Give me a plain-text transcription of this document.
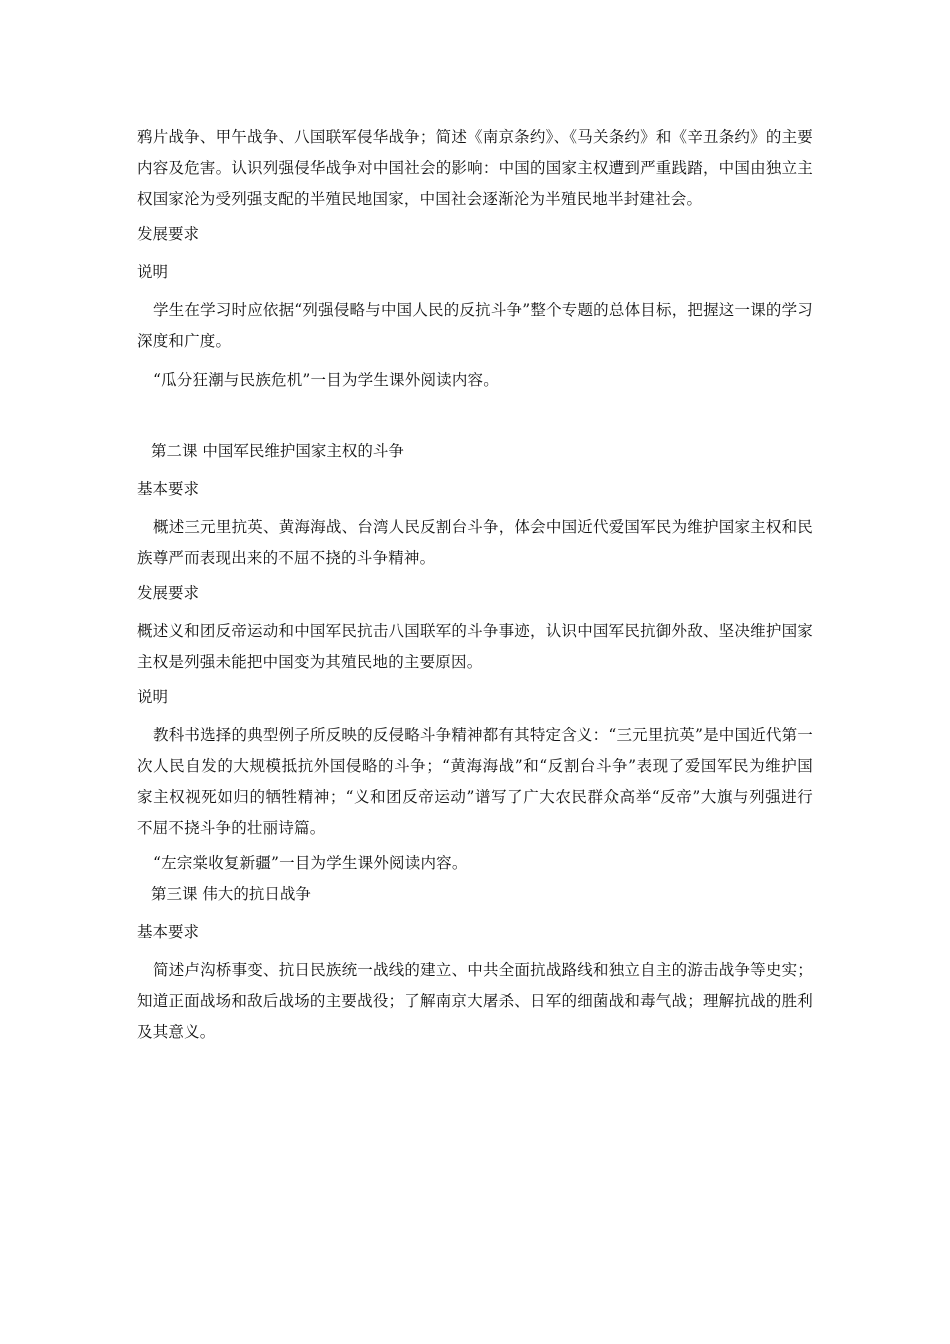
鸦片战争、甲午战争、八国联军侵华战争；简述《南京条约》、《马关条约》和《辛丑条约》的主要内容及危害。认识列强侵华战争对中国社会的影响：中国的国家主权遭到严重践踏，中国由独立主权国家沦为受列强支配的半殖民地国家，中国社会逐渐沦为半殖民地半封建社会。

发展要求

说明

学生在学习时应依据“列强侵略与中国人民的反抗斗争”整个专题的总体目标，把握这一课的学习深度和广度。

“瓜分狂潮与民族危机”一目为学生课外阅读内容。

第二课 中国军民维护国家主权的斗争

基本要求

概述三元里抗英、黄海海战、台湾人民反割台斗争，体会中国近代爱国军民为维护国家主权和民族尊严而表现出来的不屈不挠的斗争精神。

发展要求

概述义和团反帝运动和中国军民抗击八国联军的斗争事迹，认识中国军民抗御外敌、坚决维护国家主权是列强未能把中国变为其殖民地的主要原因。

说明

教科书选择的典型例子所反映的反侵略斗争精神都有其特定含义：“三元里抗英”是中国近代第一次人民自发的大规模抵抗外国侵略的斗争；“黄海海战”和“反割台斗争”表现了爱国军民为维护国家主权视死如归的牺牲精神；“义和团反帝运动”谱写了广大农民群众高举“反帝”大旗与列强进行不屈不挠斗争的壮丽诗篇。

“左宗棠收复新疆”一目为学生课外阅读内容。

第三课 伟大的抗日战争

基本要求

简述卢沟桥事变、抗日民族统一战线的建立、中共全面抗战路线和独立自主的游击战争等史实；知道正面战场和敌后战场的主要战役；了解南京大屠杀、日军的细菌战和毒气战；理解抗战的胜利及其意义。
